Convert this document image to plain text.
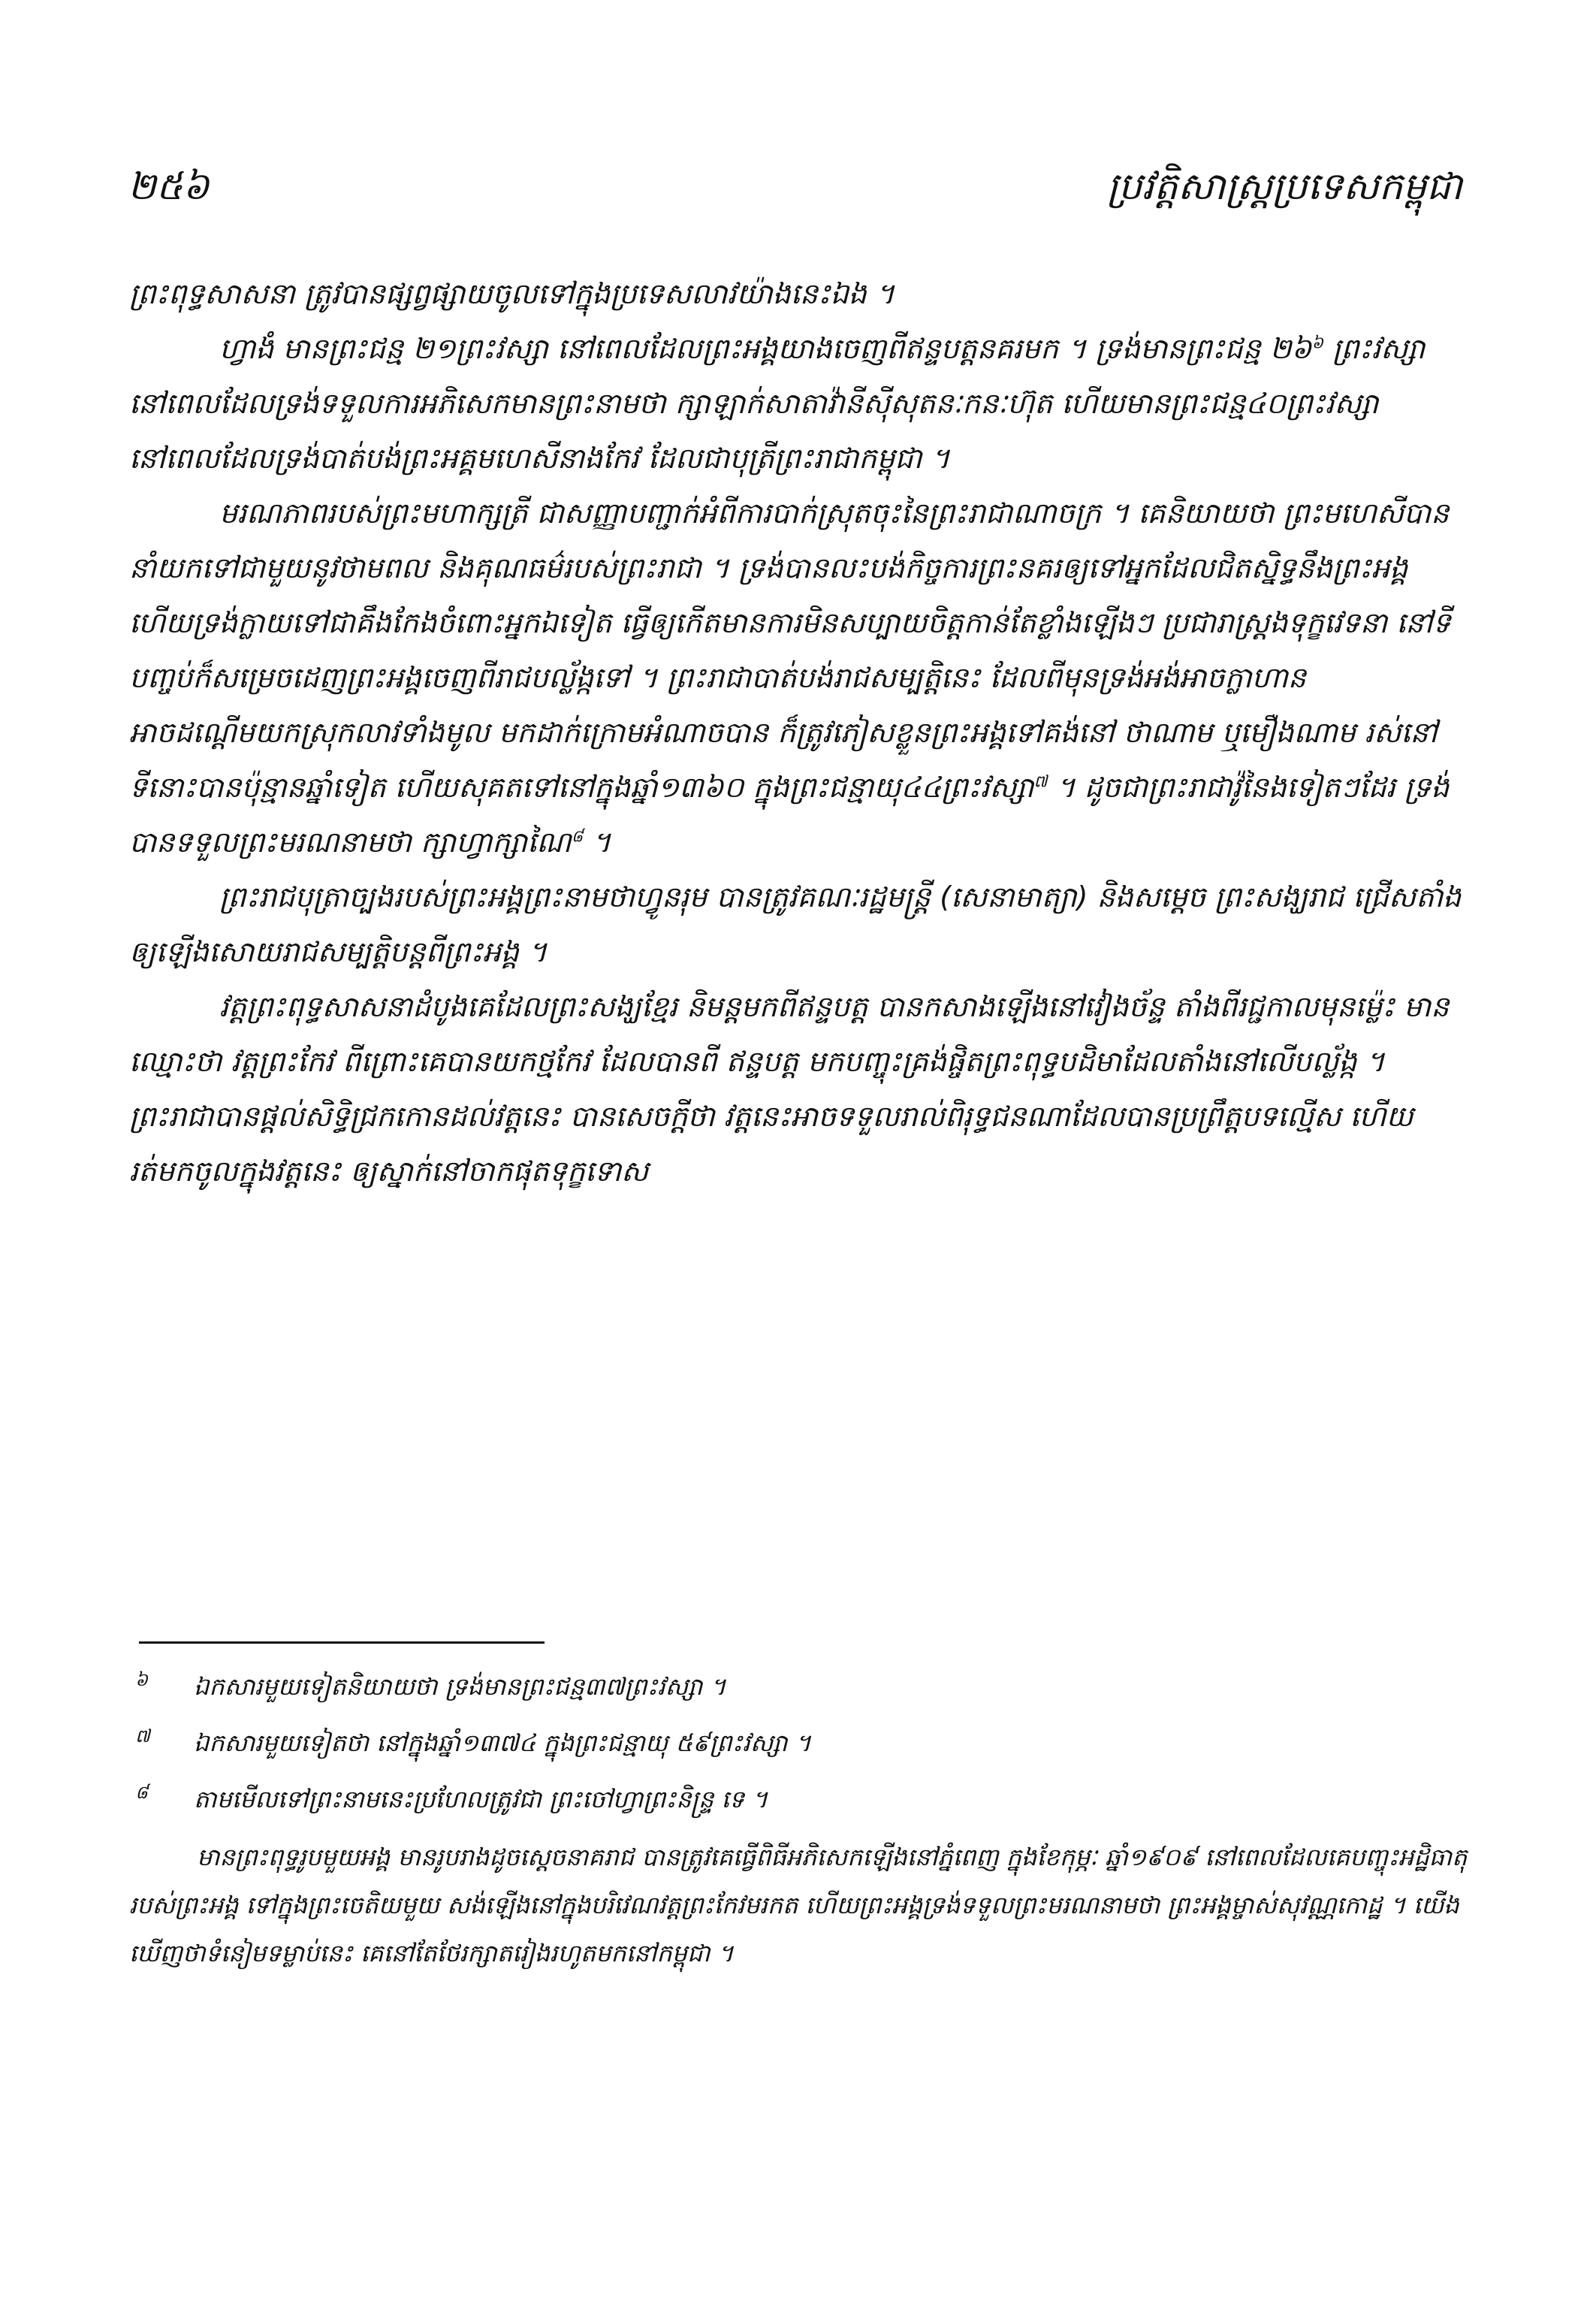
២៥៦	ប្រវត្តិសាស្ត្រប្រទេសកម្ពុជា

ព្រះពុទ្ធសាសនា ត្រូវបានផ្សព្វផ្សាយចូលទៅក្នុងប្រទេសលាវយ៉ាងនេះឯង ។

ហ្វាងំ មានព្រះជន្ម ២១ព្រះវស្សា នៅពេលដែលព្រះអង្គយាងចេញពីឥន្ទបត្តនគរមក ។ ទ្រង់មានព្រះជន្ម ២៦$^៦$ ព្រះវស្សា នៅពេលដែលទ្រង់ទទួលការអភិសេកមានព្រះនាមថា ក្សាឡាក់សាតាវ៉ានីស៊ីសុតនៈកនៈហ៊ុត ហើយមានព្រះជន្ម៤០ព្រះវស្សា នៅពេលដែលទ្រង់បាត់បង់ព្រះអគ្គមហេសីនាងកែវ ដែលជាបុត្រីព្រះរាជាកម្ពុជា ។

មរណភាពរបស់ព្រះមហាក្សត្រី ជាសញ្ញាបញ្ជាក់អំពីការបាក់ស្រុតចុះនៃព្រះរាជាណាចក្រ ។ គេនិយាយថា ព្រះមហេសីបាននាំយកទៅជាមួយនូវថាមពល និងគុណធម៌របស់ព្រះរាជា ។ ទ្រង់បានលះបង់កិច្ចការព្រះនគរឲ្យទៅអ្នកដែលជិតស្និទ្ធនឹងព្រះអង្គ ហើយទ្រង់ក្លាយទៅជាគឹងកែងចំពោះអ្នកឯទៀត ធ្វើឲ្យកើតមានការមិនសប្បាយចិត្តកាន់តែខ្លាំងឡើងៗ ប្រជារាស្ត្រងទុក្ខវេទនា នៅទីបញ្ចប់ក៏សម្រេចដេញព្រះអង្គចេញពីរាជបល្ល័ង្កទៅ ។ ព្រះរាជាបាត់បង់រាជសម្បត្តិនេះ ដែលពីមុនទ្រង់អង់អាចក្លាហាន អាចដណ្តើមយកស្រុកលាវទាំងមូល មកដាក់ក្រោមអំណាចបាន ក៏ត្រូវភៀសខ្លួនព្រះអង្គទៅគង់នៅ ថាណាម ឬមឿងណាម រស់នៅទីនោះបានប៉ុន្មានឆ្នាំទៀត ហើយសុគតទៅនៅក្នុងឆ្នាំ១៣៦០ ក្នុងព្រះជន្មាយុ៤៤ព្រះវស្សា$^៧$ ។ ដូចជាព្រះរាជាវ៉ូនៃងទៀតៗដែរ ទ្រង់បានទទួលព្រះមរណនាមថា ក្សាហ្វាក្សាណៃ$^៨$ ។

ព្រះរាជបុត្រាច្បងរបស់ព្រះអង្គព្រះនាមថាហ្វូនរុម បានត្រូវគណៈរដ្ឋមន្ត្រី (សេនាមាត្យា) និងសម្តេច ព្រះសង្ឃរាជ ជ្រើសតាំងឲ្យឡើងសោយរាជសម្បត្តិបន្តពីព្រះអង្គ ។

វត្តព្រះពុទ្ធសាសនាដំបូងគេដែលព្រះសង្ឃខ្មែរ និមន្តមកពីឥន្ទបត្ត បានកសាងឡើងនៅវៀងច័ន្ទ តាំងពីរជ្ជកាលមុនម៉្លេះ មានឈ្មោះថា វត្តព្រះកែវ ពីព្រោះគេបានយកថ្មកែវ ដែលបានពី ឥន្ទបត្ត មកបញ្ចុះគ្រង់ផ្ចិតព្រះពុទ្ធបដិមាដែលតាំងនៅលើបល្ល័ង្ក ។ ព្រះរាជាបានផ្តល់សិទ្ធិជ្រកកោនដល់វត្តនេះ បានសេចក្តីថា វត្តនេះអាចទទួលរាល់ពិរុទ្ធជនណាដែលបានប្រព្រឹត្តបទល្មើស ហើយរត់មកចូលក្នុងវត្តនេះ ឲ្យស្នាក់នៅចាកផុតទុក្ខទោស

៦ ឯកសារមួយទៀតនិយាយថា ទ្រង់មានព្រះជន្ម៣៧ព្រះវស្សា ។
៧ ឯកសារមួយទៀតថា នៅក្នុងឆ្នាំ១៣៧៤ ក្នុងព្រះជន្មាយុ ៥៩ព្រះវស្សា ។
៨ តាមមើលទៅព្រះនាមនេះប្រហែលត្រូវជា ព្រះចៅហ្វាព្រះនិន្ទ្រ ទេ ។

មានព្រះពុទ្ធរូបមួយអង្គ មានរូបរាងដូចស្តេចនាគរាជ បានត្រូវគេធ្វើពិធីអភិសេកឡើងនៅភ្នំពេញ ក្នុងខែកុម្ភៈ ឆ្នាំ១៩០៩ នៅពេលដែលគេបញ្ចុះអដ្ឋិធាតុរបស់ព្រះអង្គ ទៅក្នុងព្រះចេតិយមួយ សង់ឡើងនៅក្នុងបរិវេណវត្តព្រះកែវមរកត ហើយព្រះអង្គទ្រង់ទទួលព្រះមរណនាមថា ព្រះអង្គម្ចាស់សុវណ្ណកោដ្ឋ ។ យើងឃើញថាទំនៀមទម្លាប់នេះ គេនៅតែថែរក្សាតរៀងរហូតមកនៅកម្ពុជា ។
